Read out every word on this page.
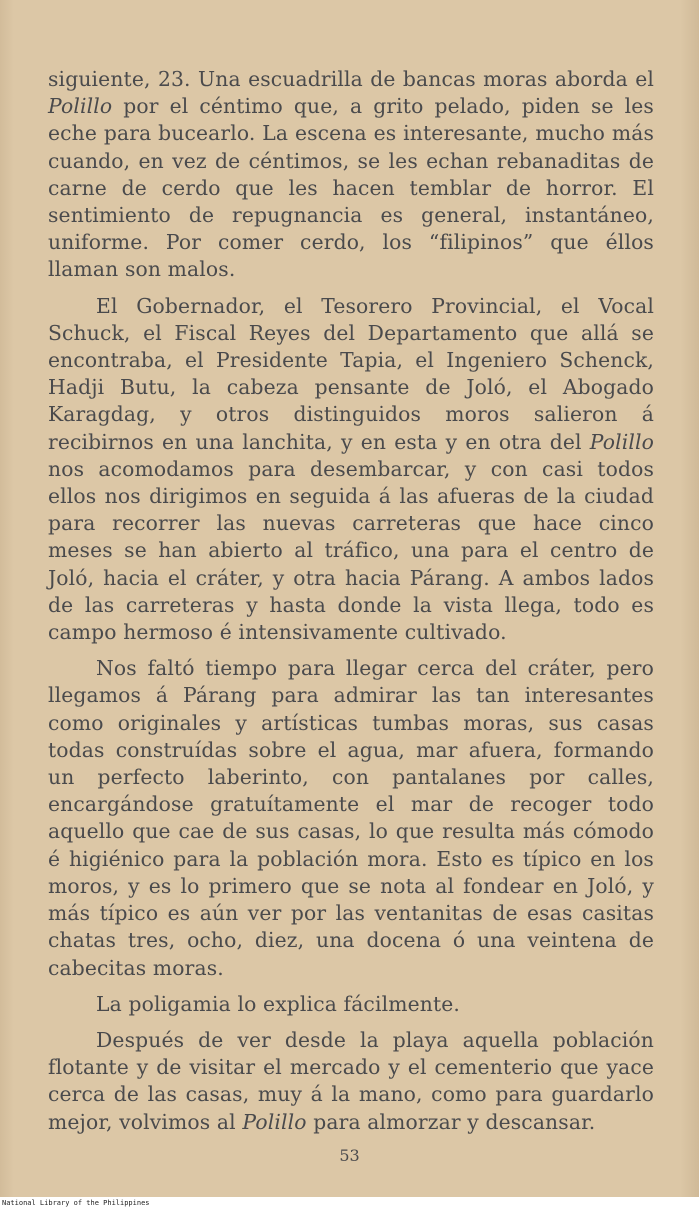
siguiente, 23. Una escuadrilla de bancas moras aborda el Polillo por el céntimo que, a grito pelado, piden se les eche para bucearlo. La escena es interesante, mucho más cuando, en vez de céntimos, se les echan rebanaditas de carne de cerdo que les hacen temblar de horror. El sentimiento de repugnancia es general, instantáneo, uniforme. Por comer cerdo, los “filipinos” que éllos llaman son malos.

El Gobernador, el Tesorero Provincial, el Vocal Schuck, el Fiscal Reyes del Departamento que allá se encontraba, el Presidente Tapia, el Ingeniero Schenck, Hadji Butu, la cabeza pensante de Joló, el Abogado Karagdag, y otros distinguidos moros salieron á recibirnos en una lanchita, y en esta y en otra del Polillo nos acomodamos para desembarcar, y con casi todos ellos nos dirigimos en seguida á las afueras de la ciudad para recorrer las nuevas carreteras que hace cinco meses se han abierto al tráfico, una para el centro de Joló, hacia el cráter, y otra hacia Párang. A ambos lados de las carreteras y hasta donde la vista llega, todo es campo hermoso é intensivamente cultivado.

Nos faltó tiempo para llegar cerca del cráter, pero llegamos á Párang para admirar las tan interesantes como originales y artísticas tumbas moras, sus casas todas construídas sobre el agua, mar afuera, formando un perfecto laberinto, con pantalanes por calles, encargándose gratuítamente el mar de recoger todo aquello que cae de sus casas, lo que resulta más cómodo é higiénico para la población mora. Esto es típico en los moros, y es lo primero que se nota al fondear en Joló, y más típico es aún ver por las ventanitas de esas casitas chatas tres, ocho, diez, una docena ó una veintena de cabecitas moras.

La poligamia lo explica fácilmente.

Después de ver desde la playa aquella población flotante y de visitar el mercado y el cementerio que yace cerca de las casas, muy á la mano, como para guardarlo mejor, volvimos al Polillo para almorzar y descansar.

53
National Library of the Philippines
